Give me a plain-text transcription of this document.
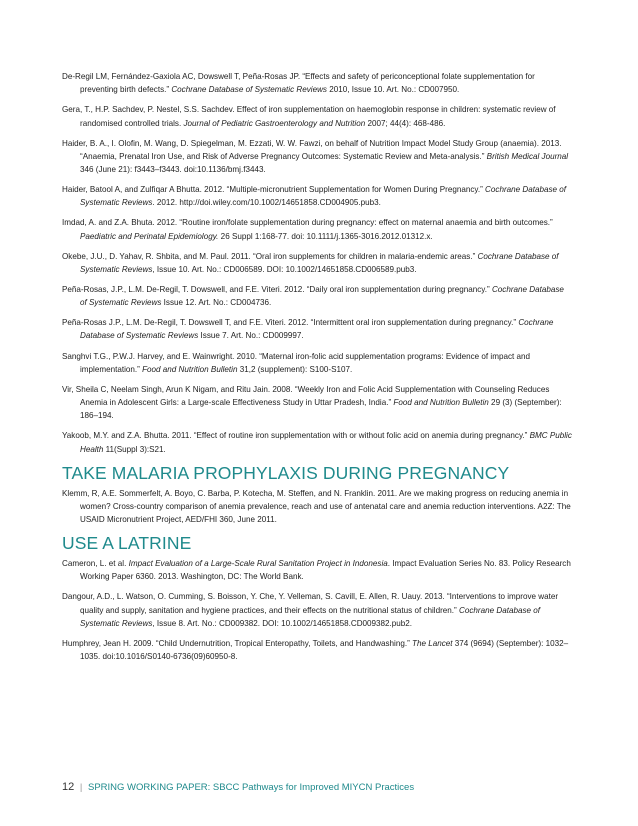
De-Regil LM, Fernández-Gaxiola AC, Dowswell T, Peña-Rosas JP. “Effects and safety of periconceptional folate supplementation for preventing birth defects.” Cochrane Database of Systematic Reviews 2010, Issue 10. Art. No.: CD007950.

Gera, T., H.P. Sachdev, P. Nestel, S.S. Sachdev. Effect of iron supplementation on haemoglobin response in children: systematic review of randomised controlled trials. Journal of Pediatric Gastroenterology and Nutrition 2007; 44(4): 468-486.

Haider, B. A., I. Olofin, M. Wang, D. Spiegelman, M. Ezzati, W. W. Fawzi, on behalf of Nutrition Impact Model Study Group (anaemia). 2013. “Anaemia, Prenatal Iron Use, and Risk of Adverse Pregnancy Outcomes: Systematic Review and Meta-analysis.” British Medical Journal 346 (June 21): f3443–f3443. doi:10.1136/bmj.f3443.

Haider, Batool A, and Zulfiqar A Bhutta. 2012. “Multiple-micronutrient Supplementation for Women During Pregnancy.” Cochrane Database of Systematic Reviews. 2012. http://doi.wiley.com/10.1002/14651858.CD004905.pub3.

Imdad, A. and Z.A. Bhuta. 2012. “Routine iron/folate supplementation during pregnancy: effect on maternal anaemia and birth outcomes.” Paediatric and Perinatal Epidemiology. 26 Suppl 1:168-77. doi: 10.1111/j.1365-3016.2012.01312.x.

Okebe, J.U., D. Yahav, R. Shbita, and M. Paul. 2011. “Oral iron supplements for children in malaria-endemic areas.” Cochrane Database of Systematic Reviews, Issue 10. Art. No.: CD006589. DOI: 10.1002/14651858.CD006589.pub3.

Peña-Rosas, J.P., L.M. De-Regil, T. Dowswell, and F.E. Viteri. 2012. “Daily oral iron supplementation during pregnancy.” Cochrane Database of Systematic Reviews Issue 12. Art. No.: CD004736.

Peña-Rosas J.P., L.M. De-Regil, T. Dowswell T, and F.E. Viteri. 2012. “Intermittent oral iron supplementation during pregnancy.” Cochrane Database of Systematic Reviews Issue 7. Art. No.: CD009997.

Sanghvi T.G., P.W.J. Harvey, and E. Wainwright. 2010. “Maternal iron-folic acid supplementation programs: Evidence of impact and implementation.” Food and Nutrition Bulletin 31,2 (supplement): S100-S107.

Vir, Sheila C, Neelam Singh, Arun K Nigam, and Ritu Jain. 2008. “Weekly Iron and Folic Acid Supplementation with Counseling Reduces Anemia in Adolescent Girls: a Large-scale Effectiveness Study in Uttar Pradesh, India.” Food and Nutrition Bulletin 29 (3) (September): 186–194.

Yakoob, M.Y. and Z.A. Bhutta. 2011. “Effect of routine iron supplementation with or without folic acid on anemia during pregnancy.” BMC Public Health 11(Suppl 3):S21.

TAKE MALARIA PROPHYLAXIS DURING PREGNANCY

Klemm, R, A.E. Sommerfelt, A. Boyo, C. Barba, P. Kotecha, M. Steffen, and N. Franklin. 2011. Are we making progress on reducing anemia in women? Cross-country comparison of anemia prevalence, reach and use of antenatal care and anemia reduction interventions. A2Z: The USAID Micronutrient Project, AED/FHI 360, June 2011.

USE A LATRINE

Cameron, L. et al. Impact Evaluation of a Large-Scale Rural Sanitation Project in Indonesia. Impact Evaluation Series No. 83. Policy Research Working Paper 6360. 2013. Washington, DC: The World Bank.

Dangour, A.D., L. Watson, O. Cumming, S. Boisson, Y. Che, Y. Velleman, S. Cavill, E. Allen, R. Uauy. 2013. “Interventions to improve water quality and supply, sanitation and hygiene practices, and their effects on the nutritional status of children.” Cochrane Database of Systematic Reviews, Issue 8. Art. No.: CD009382. DOI: 10.1002/14651858.CD009382.pub2.

Humphrey, Jean H. 2009. “Child Undernutrition, Tropical Enteropathy, Toilets, and Handwashing.” The Lancet 374 (9694) (September): 1032–1035. doi:10.1016/S0140-6736(09)60950-8.

12 | SPRING WORKING PAPER: SBCC Pathways for Improved MIYCN Practices
